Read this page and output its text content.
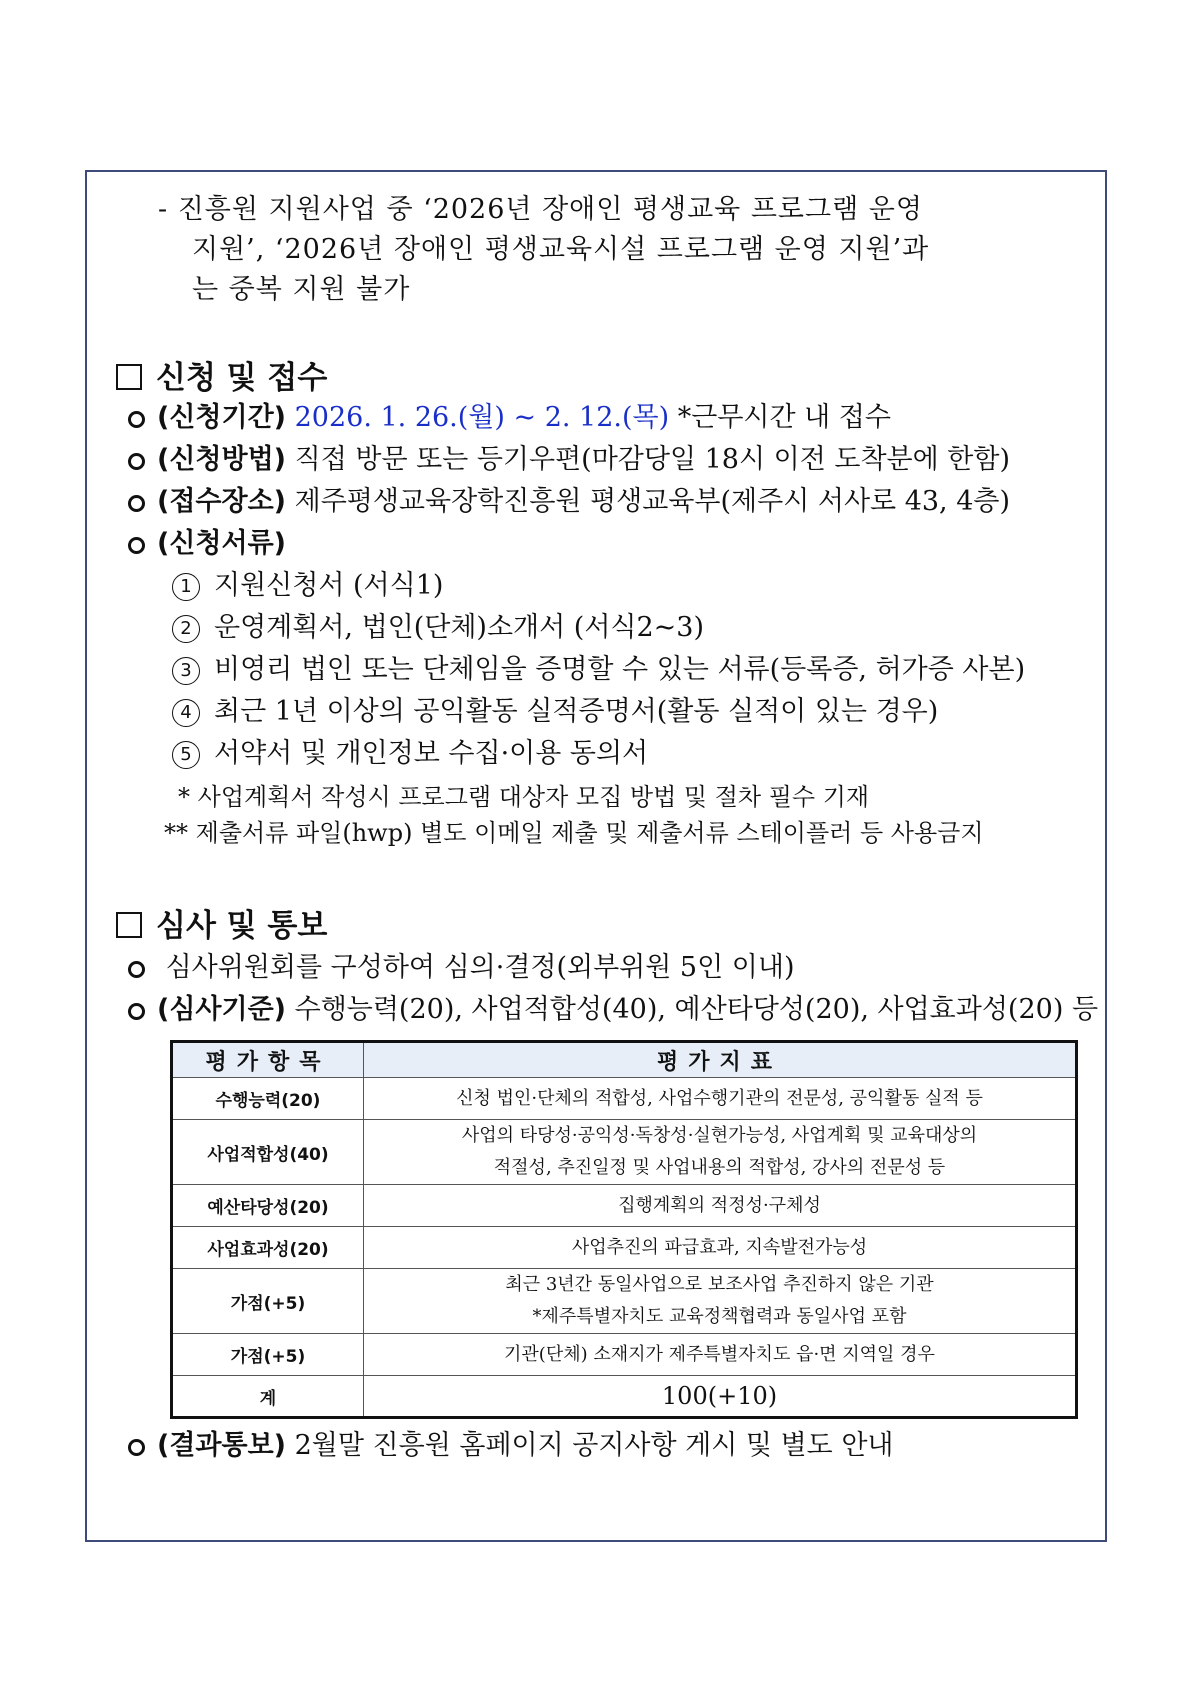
- 진흥원 지원사업 중 ‘2026년 장애인 평생교육 프로그램 운영
지원’, ‘2026년 장애인 평생교육시설 프로그램 운영 지원’과
는 중복 지원 불가
신청 및 접수
(신청기간) 2026. 1. 26.(월) ~ 2. 12.(목) *근무시간 내 접수
(신청방법) 직접 방문 또는 등기우편(마감당일 18시 이전 도착분에 한함)
(접수장소) 제주평생교육장학진흥원 평생교육부(제주시 서사로 43, 4층)
(신청서류)
1 지원신청서 (서식1)
2 운영계획서, 법인(단체)소개서 (서식2~3)
3 비영리 법인 또는 단체임을 증명할 수 있는 서류(등록증, 허가증 사본)
4 최근 1년 이상의 공익활동 실적증명서(활동 실적이 있는 경우)
5 서약서 및 개인정보 수집·이용 동의서
* 사업계획서 작성시 프로그램 대상자 모집 방법 및 절차 필수 기재
** 제출서류 파일(hwp) 별도 이메일 제출 및 제출서류 스테이플러 등 사용금지
심사 및 통보
심사위원회를 구성하여 심의·결정(외부위원 5인 이내)
(심사기준) 수행능력(20), 사업적합성(40), 예산타당성(20), 사업효과성(20) 등
평가항목	평가지표
수행능력(20)	신청 법인·단체의 적합성, 사업수행기관의 전문성, 공익활동 실적 등
사업적합성(40)	사업의 타당성·공익성·독창성·실현가능성, 사업계획 및 교육대상의
적절성, 추진일정 및 사업내용의 적합성, 강사의 전문성 등
예산타당성(20)	집행계획의 적정성·구체성
사업효과성(20)	사업추진의 파급효과, 지속발전가능성
가점(+5)	최근 3년간 동일사업으로 보조사업 추진하지 않은 기관
*제주특별자치도 교육정책협력과 동일사업 포함
가점(+5)	기관(단체) 소재지가 제주특별자치도 읍·면 지역일 경우
계	100(+10)
(결과통보) 2월말 진흥원 홈페이지 공지사항 게시 및 별도 안내
